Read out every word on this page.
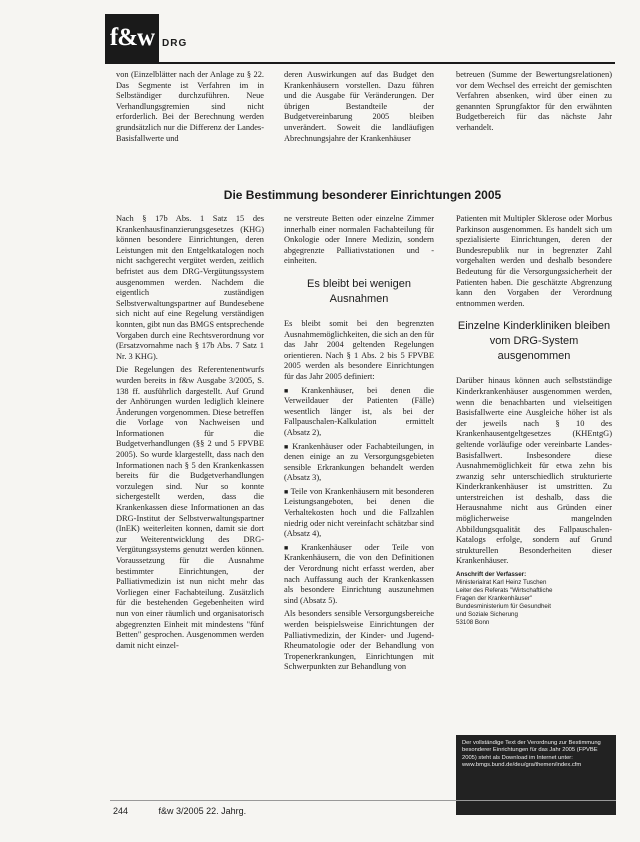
f&w DRG
von (Einzelblätter nach der Anlage zu § 22. Das Segmente ist Verfahren im in Selbständiger durchzuführen. Neue Verhandlungsgremien sind nicht erforderlich. Bei der Berechnung werden grundsätzlich nur die Differenz der Landes-Basisfallwerte und
deren Auswirkungen auf das Budget den Krankenhäusern vorstellen. Dazu führen und die Ausgabe für Veränderungen. Der übrigen Bestandteile der Budgetvereinbarung 2005 bleiben unverändert. Soweit die landläufigen Abrechnungsjahre der Krankenhäuser
betreuen (Summe der Bewertungsrelationen) vor dem Wechsel des erreicht der gemischten Verfahren absenken, wird über einen zu genannten Sprungfaktor für den erwähnten Budgetbereich für das nächste Jahr verhandelt.
Die Bestimmung besonderer Einrichtungen 2005

Nach § 17b Abs. 1 Satz 15 des Krankenhausfinanzierungsgesetzes (KHG) können besondere Einrichtungen, deren Leistungen mit den Entgeltkatalogen noch nicht sachgerecht vergütet werden, zeitlich befristet aus dem DRG-Vergütungssystem ausgenommen werden. Nachdem die eigentlich zuständigen Selbstverwaltungspartner auf Bundesebene sich nicht auf eine Regelung verständigen konnten, gibt nun das BMGS entsprechende Vorgaben durch eine Rechtsverordnung vor (Ersatzvornahme nach § 17b Abs. 7 Satz 1 Nr. 3 KHG).

Die Regelungen des Referentenentwurfs wurden bereits in f&w Ausgabe 3/2005, S. 138 ff. ausführlich dargestellt. Auf Grund der Anhörungen wurden lediglich kleinere Änderungen vorgenommen. Diese betreffen die Vorlage von Nachweisen und Informationen für die Budgetverhandlungen (§§ 2 und 5 FPVBE 2005). So wurde klargestellt, dass nach den Informationen nach § 5 den Krankenkassen bereits für die Budgetverhandlungen vorzulegen sind. Nur so konnte sichergestellt werden, dass die Krankenkassen diese Informationen an das DRG-Institut der Selbstverwaltungspartner (InEK) weiterleiten konnen, damit sie dort zur Weiterentwicklung des DRG-Vergütungssystems genutzt werden können. Voraussetzung für die Ausnahme bestimmter Einrichtungen, der Palliativmedizin ist nun nicht mehr das Vorliegen einer Fachabteilung. Zusätzlich für die bestehenden Gegebenheiten wird nun von einer räumlich und organisatorisch abgegrenzten Einheit mit mindestens "fünf Betten" gesprochen. Ausgenommen werden damit nicht einzel-

ne verstreute Betten oder einzelne Zimmer innerhalb einer normalen Fachabteilung für Onkologie oder Innere Medizin, sondern abgegrenzte Palliativstationen und -einheiten.

Es bleibt bei wenigen Ausnahmen

Es bleibt somit bei den begrenzten Ausnahmemöglichkeiten, die sich an den für das Jahr 2004 geltenden Regelungen orientieren. Nach § 1 Abs. 2 bis 5 FPVBE 2005 werden als besondere Einrichtungen für das Jahr 2005 definiert:

■ Krankenhäuser, bei denen die Verweildauer der Patienten (Fälle) wesentlich länger ist, als bei der Fallpauschalen-Kalkulation ermittelt (Absatz 2),

■ Krankenhäuser oder Fachabteilungen, in denen einige an zu Versorgungsgebieten sensible Erkrankungen behandelt werden (Absatz 3),

■ Teile von Krankenhäusern mit besonderen Leistungsangeboten, bei denen die Verhaltekosten hoch und die Fallzahlen niedrig oder nicht vereinfacht schätzbar sind (Absatz 4),

■ Krankenhäuser oder Teile von Krankenhäusern, die von den Definitionen der Verordnung nicht erfasst werden, aber nach Auffassung auch der Krankenkassen als besondere Einrichtung auszunehmen sind (Absatz 5).

Als besonders sensible Versorgungsbereiche werden beispielsweise Einrichtungen der Palliativmedizin, der Kinder- und Jugend-Rheumatologie oder der Behandlung von Tropenerkrankungen, Einrichtungen mit Schwerpunkten zur Behandlung von

Patienten mit Multipler Sklerose oder Morbus Parkinson ausgenommen. Es handelt sich um spezialisierte Einrichtungen, deren der Bundesrepublik nur in begrenzter Zahl vorgehalten werden und deshalb besondere Bedeutung für die Versorgungssicherheit der Patienten haben. Die geschätzte Abgrenzung kann den Vorgaben der Verordnung entnommen werden.

Einzelne Kinderkliniken bleiben vom DRG-System ausgenommen

Darüber hinaus können auch selbstständige Kinderkrankenhäuser ausgenommen werden, wenn die benachbarten und vielseitigen Basisfallwerte eine Ausgleiche höher ist als der jeweils nach § 10 des Krankenhausentgeltgesetzes (KHEntgG) geltende vorläufige oder vereinbarte Landes-Basisfallwert. Insbesondere diese Ausnahmemöglichkeit für etwa zehn bis zwanzig sehr unterschiedlich strukturierte Kinderkrankenhäuser ist umstritten. Zu unterstreichen ist deshalb, dass die Herausnahme nicht aus Gründen einer möglicherweise mangelnden Abbildungsqualität des Fallpauschalen-Katalogs erfolge, sondern auf Grund strukturellen Besonderheiten dieser Krankenhäuser.

Anschrift der Verfasser:
Ministerialrat Karl Heinz Tuschen
Leiter des Referats "Wirtschaftliche
Fragen der Krankenhäuser"
Bundesministerium für Gesundheit
und Soziale Sicherung
53108 Bonn
Der vollständige Text der Verordnung zur Bestimmung besonderer Einrichtungen für das Jahr 2005 (FPVBE 2005) steht als Download im Internet unter: www.bmgs.bund.de/deu/gra/themen/index.cfm
244	f&w 3/2005 22. Jahrg.
